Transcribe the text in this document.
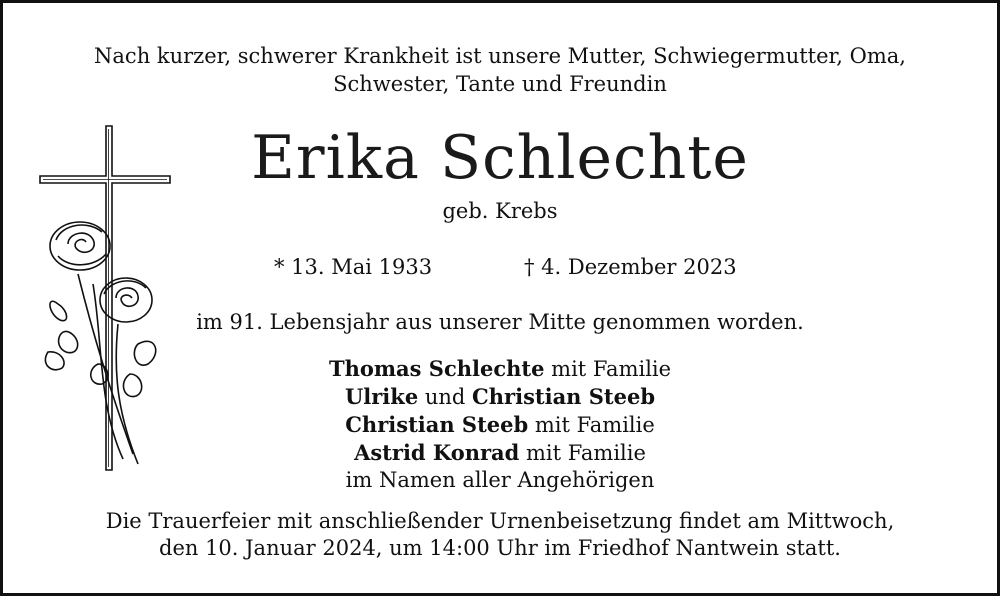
Nach kurzer, schwerer Krankheit ist unsere Mutter, Schwiegermutter, Oma,
Schwester, Tante und Freundin
Erika Schlechte
geb. Krebs
* 13. Mai 1933	† 4. Dezember 2023
im 91. Lebensjahr aus unserer Mitte genommen worden.
Thomas Schlechte mit Familie
Ulrike und Christian Steeb
Christian Steeb mit Familie
Astrid Konrad mit Familie
im Namen aller Angehörigen
Die Trauerfeier mit anschließender Urnenbeisetzung findet am Mittwoch,
den 10. Januar 2024, um 14:00 Uhr im Friedhof Nantwein statt.
